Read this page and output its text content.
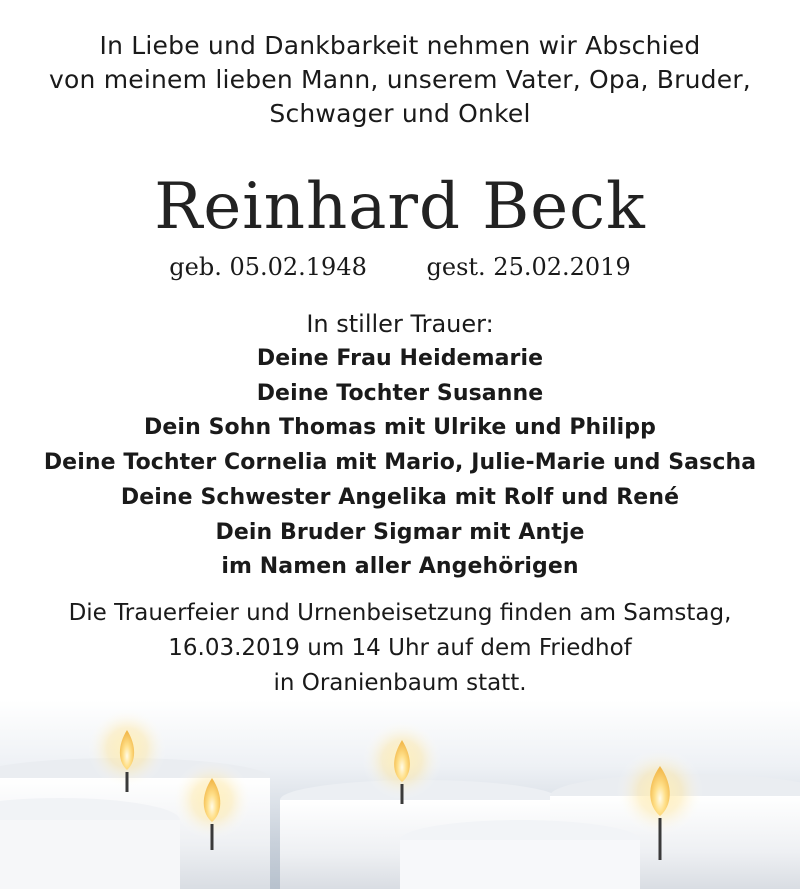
In Liebe und Dankbarkeit nehmen wir Abschied
von meinem lieben Mann, unserem Vater, Opa, Bruder,
Schwager und Onkel
Reinhard Beck
geb. 05.02.1948 gest. 25.02.2019
In stiller Trauer:
Deine Frau Heidemarie
Deine Tochter Susanne
Dein Sohn Thomas mit Ulrike und Philipp
Deine Tochter Cornelia mit Mario, Julie-Marie und Sascha
Deine Schwester Angelika mit Rolf und René
Dein Bruder Sigmar mit Antje
im Namen aller Angehörigen
Die Trauerfeier und Urnenbeisetzung finden am Samstag,
16.03.2019 um 14 Uhr auf dem Friedhof
in Oranienbaum statt.
